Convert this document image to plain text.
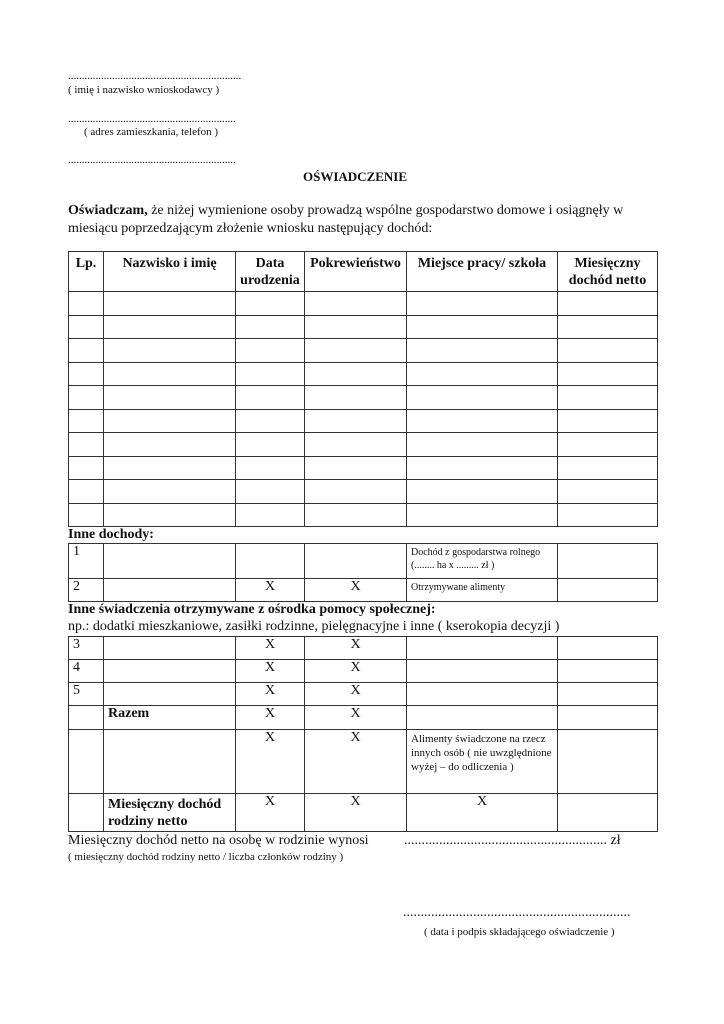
...............................................................
( imię i nazwisko wnioskodawcy )
.............................................................
( adres zamieszkania, telefon )
.............................................................
OŚWIADCZENIE
Oświadczam, że niżej wymienione osoby prowadzą wspólne gospodarstwo domowe i osiągnęły w miesiącu poprzedzającym złożenie wniosku następujący dochód:
Lp.	Nazwisko i imię	Data urodzenia	Pokrewieństwo	Miejsce pracy/ szkoła	Miesięczny dochód netto

Inne dochody:
1				Dochód z gospodarstwa rolnego (........ ha x ......... zł )	
2		X	X	Otrzymywane alimenty	
Inne świadczenia otrzymywane z ośrodka pomocy społecznej:
np.: dodatki mieszkaniowe, zasiłki rodzinne, pielęgnacyjne i inne ( kserokopia decyzji )
3		X	X		
4		X	X		
5		X	X		
	Razem	X	X		
		X	X	Alimenty świadczone na rzecz innych osób ( nie uwzględnione wyżej – do odliczenia )	
	Miesięczny dochód rodziny netto	X	X	X	
Miesięczny dochód netto na osobę w rodzinie wynosi	.......................................................... zł
( miesięczny dochód rodziny netto / liczba członków rodziny )
.................................................................
( data i podpis składającego oświadczenie )
